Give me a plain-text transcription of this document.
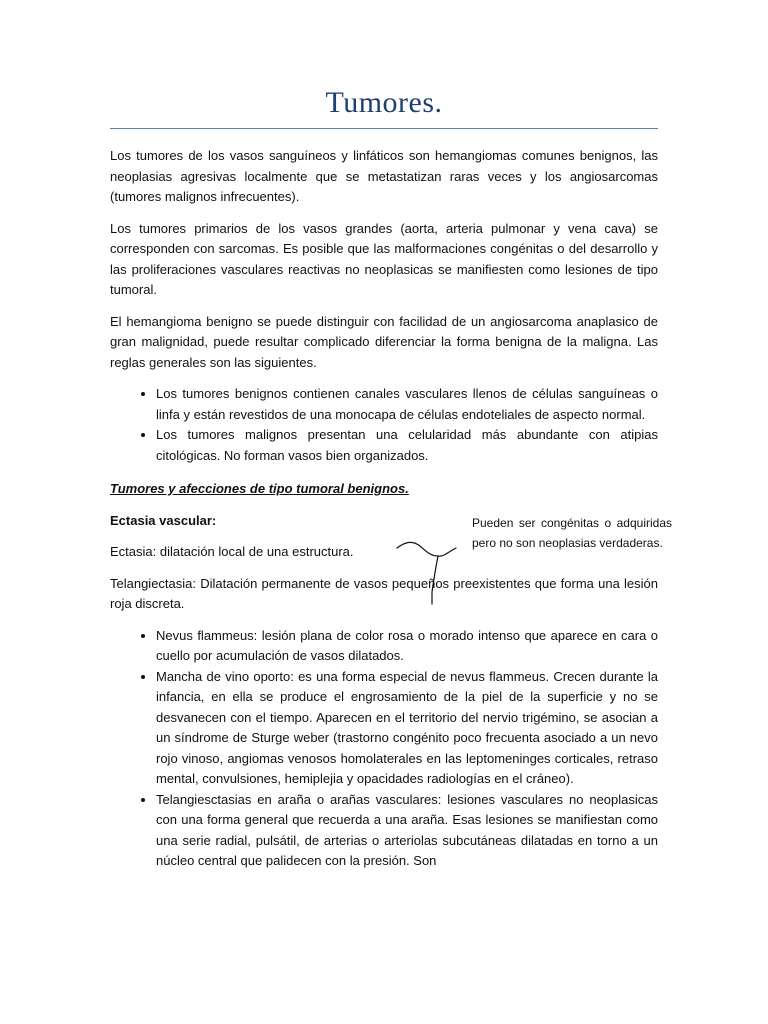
Tumores.

Los tumores de los vasos sanguíneos y linfáticos son hemangiomas comunes benignos, las neoplasias agresivas localmente que se metastatizan raras veces y los angiosarcomas (tumores malignos infrecuentes).

Los tumores primarios de los vasos grandes (aorta, arteria pulmonar y vena cava) se corresponden con sarcomas. Es posible que las malformaciones congénitas o del desarrollo y las proliferaciones vasculares reactivas no neoplasicas se manifiesten como lesiones de tipo tumoral.

El hemangioma benigno se puede distinguir con facilidad de un angiosarcoma anaplasico de gran malignidad, puede resultar complicado diferenciar la forma benigna de la maligna. Las reglas generales son las siguientes.

• Los tumores benignos contienen canales vasculares llenos de células sanguíneas o linfa y están revestidos de una monocapa de células endoteliales de aspecto normal.
• Los tumores malignos presentan una celularidad más abundante con atipias citológicas. No forman vasos bien organizados.

Tumores y afecciones de tipo tumoral benignos.

Ectasia vascular:

Ectasia: dilatación local de una estructura.

Telangiectasia: Dilatación permanente de vasos pequeños preexistentes que forma una lesión roja discreta.

• Nevus flammeus: lesión plana de color rosa o morado intenso que aparece en cara o cuello por acumulación de vasos dilatados.
• Mancha de vino oporto: es una forma especial de nevus flammeus. Crecen durante la infancia, en ella se produce el engrosamiento de la piel de la superficie y no se desvanecen con el tiempo. Aparecen en el territorio del nervio trigémino, se asocian a un síndrome de Sturge weber (trastorno congénito poco frecuenta asociado a un nevo rojo vinoso, angiomas venosos homolaterales en las leptomeninges corticales, retraso mental, convulsiones, hemiplejia y opacidades radiologías en el cráneo).
• Telangiesctasias en araña o arañas vasculares: lesiones vasculares no neoplasicas con una forma general que recuerda a una araña. Esas lesiones se manifiestan como una serie radial, pulsátil, de arterias o arteriolas subcutáneas dilatadas en torno a un núcleo central que palidecen con la presión. Son
Pueden ser congénitas o adquiridas pero no son neoplasias verdaderas.
